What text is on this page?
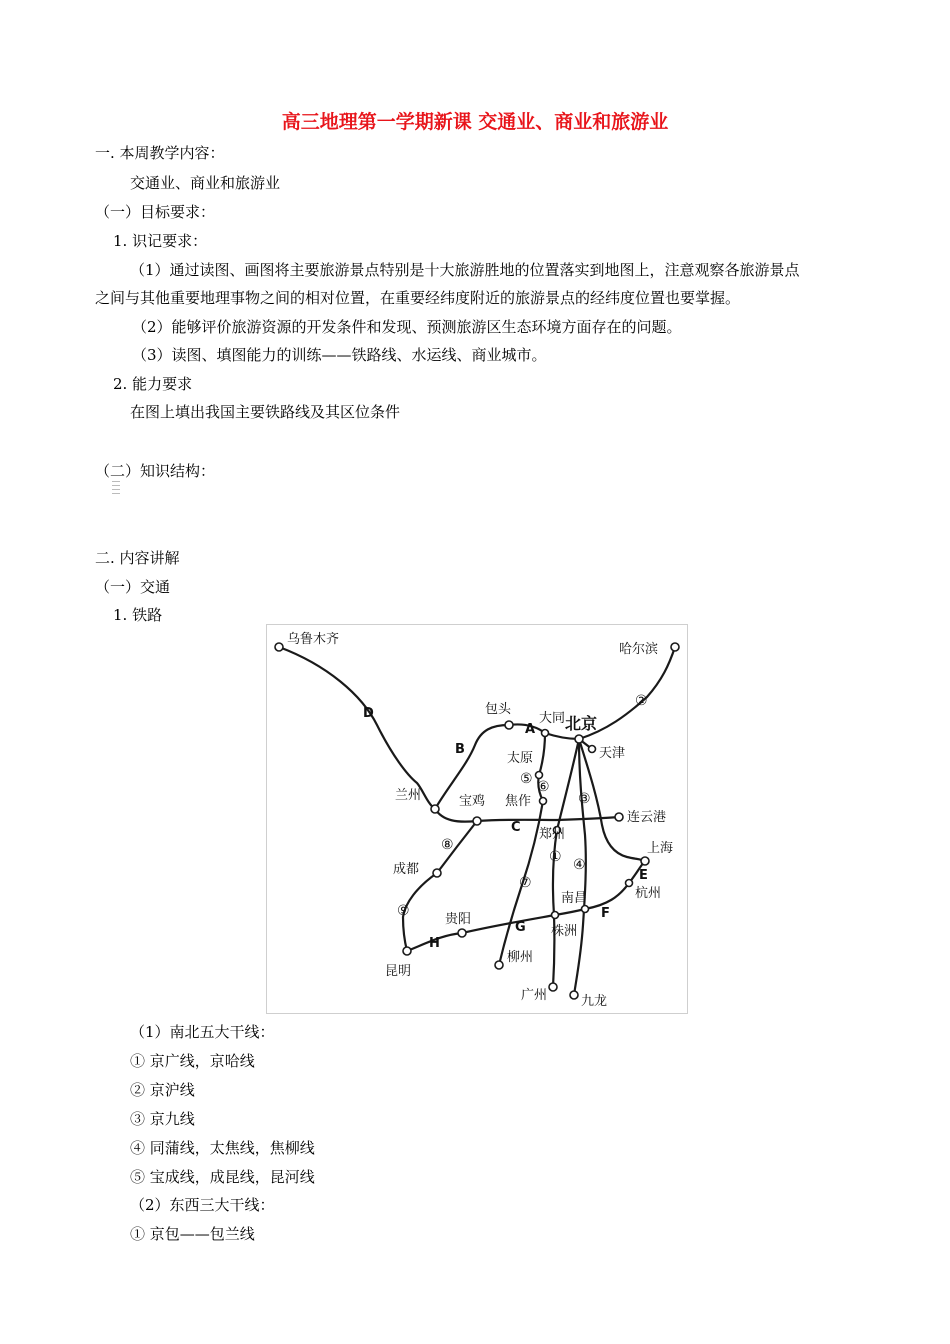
高三地理第一学期新课 交通业、商业和旅游业
一. 本周教学内容：
交通业、商业和旅游业
（一）目标要求：
1. 识记要求：
（1）通过读图、画图将主要旅游景点特别是十大旅游胜地的位置落实到地图上，注意观察各旅游景点
之间与其他重要地理事物之间的相对位置，在重要经纬度附近的旅游景点的经纬度位置也要掌握。
（2）能够评价旅游资源的开发条件和发现、预测旅游区生态环境方面存在的问题。
（3）读图、填图能力的训练——铁路线、水运线、商业城市。
2. 能力要求
在图上填出我国主要铁路线及其区位条件
（二）知识结构：
二. 内容讲解
（一）交通
1. 铁路
乌鲁木齐
哈尔滨
包头
大同 北京
天津
太原
兰州	宝鸡 焦作
连云港
郑州
上海
成都
杭州
南昌
贵阳
株洲
昆明
柳州
广州	九龙
A
B
C
D
E
F
G
H
①
②
③
④
⑤ ⑥
⑦
⑧
⑨
（1）南北五大干线：
① 京广线，京哈线
② 京沪线
③ 京九线
④ 同蒲线，太焦线，焦柳线
⑤ 宝成线，成昆线，昆河线
（2）东西三大干线：
① 京包——包兰线
